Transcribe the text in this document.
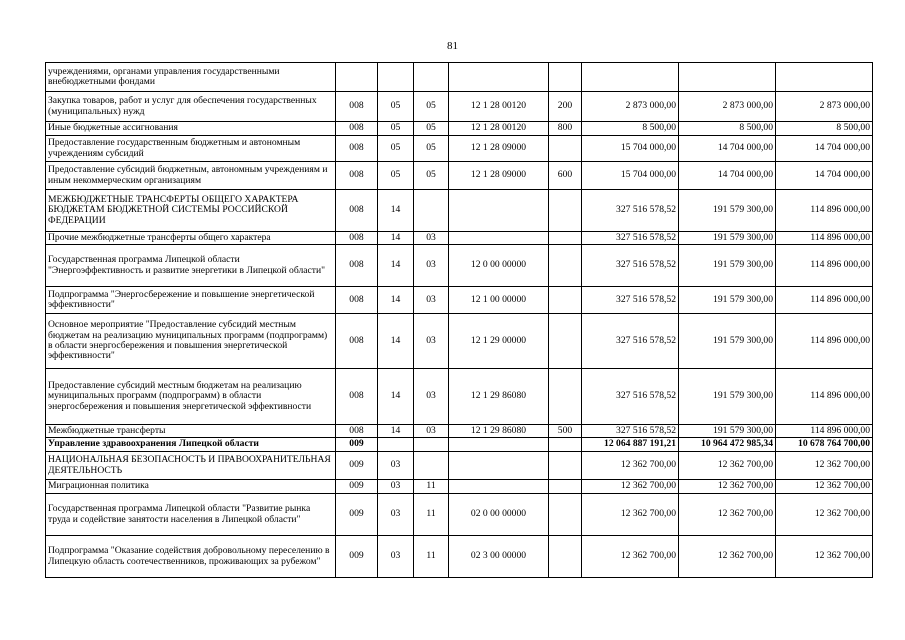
81
учреждениями, органами управления государственными внебюджетными фондами								
Закупка товаров, работ и услуг для обеспечения государственных (муниципальных) нужд	008	05	05	12 1 28 00120	200	2 873 000,00	2 873 000,00	2 873 000,00
Иные бюджетные ассигнования	008	05	05	12 1 28 00120	800	8 500,00	8 500,00	8 500,00
Предоставление государственным бюджетным и автономным учреждениям субсидий	008	05	05	12 1 28 09000		15 704 000,00	14 704 000,00	14 704 000,00
Предоставление субсидий бюджетным, автономным учреждениям и иным некоммерческим организациям	008	05	05	12 1 28 09000	600	15 704 000,00	14 704 000,00	14 704 000,00
МЕЖБЮДЖЕТНЫЕ ТРАНСФЕРТЫ ОБЩЕГО ХАРАКТЕРА БЮДЖЕТАМ БЮДЖЕТНОЙ СИСТЕМЫ РОССИЙСКОЙ ФЕДЕРАЦИИ	008	14				327 516 578,52	191 579 300,00	114 896 000,00
Прочие межбюджетные трансферты общего характера	008	14	03			327 516 578,52	191 579 300,00	114 896 000,00
Государственная программа Липецкой области "Энергоэффективность и развитие энергетики в Липецкой области"	008	14	03	12 0 00 00000		327 516 578,52	191 579 300,00	114 896 000,00
Подпрограмма "Энергосбережение и повышение энергетической эффективности"	008	14	03	12 1 00 00000		327 516 578,52	191 579 300,00	114 896 000,00
Основное мероприятие "Предоставление субсидий местным бюджетам на реализацию муниципальных программ (подпрограмм) в области энергосбережения и повышения энергетической эффективности"	008	14	03	12 1 29 00000		327 516 578,52	191 579 300,00	114 896 000,00
Предоставление субсидий местным бюджетам на реализацию муниципальных программ (подпрограмм) в области энергосбережения и повышения энергетической эффективности	008	14	03	12 1 29 86080		327 516 578,52	191 579 300,00	114 896 000,00
Межбюджетные трансферты	008	14	03	12 1 29 86080	500	327 516 578,52	191 579 300,00	114 896 000,00
Управление здравоохранения Липецкой области	009					12 064 887 191,21	10 964 472 985,34	10 678 764 700,00
НАЦИОНАЛЬНАЯ БЕЗОПАСНОСТЬ И ПРАВООХРАНИТЕЛЬНАЯ ДЕЯТЕЛЬНОСТЬ	009	03				12 362 700,00	12 362 700,00	12 362 700,00
Миграционная политика	009	03	11			12 362 700,00	12 362 700,00	12 362 700,00
Государственная программа Липецкой области "Развитие рынка труда и содействие занятости населения в Липецкой области"	009	03	11	02 0 00 00000		12 362 700,00	12 362 700,00	12 362 700,00
Подпрограмма "Оказание содействия добровольному переселению в Липецкую область соотечественников, проживающих за рубежом"	009	03	11	02 3 00 00000		12 362 700,00	12 362 700,00	12 362 700,00
